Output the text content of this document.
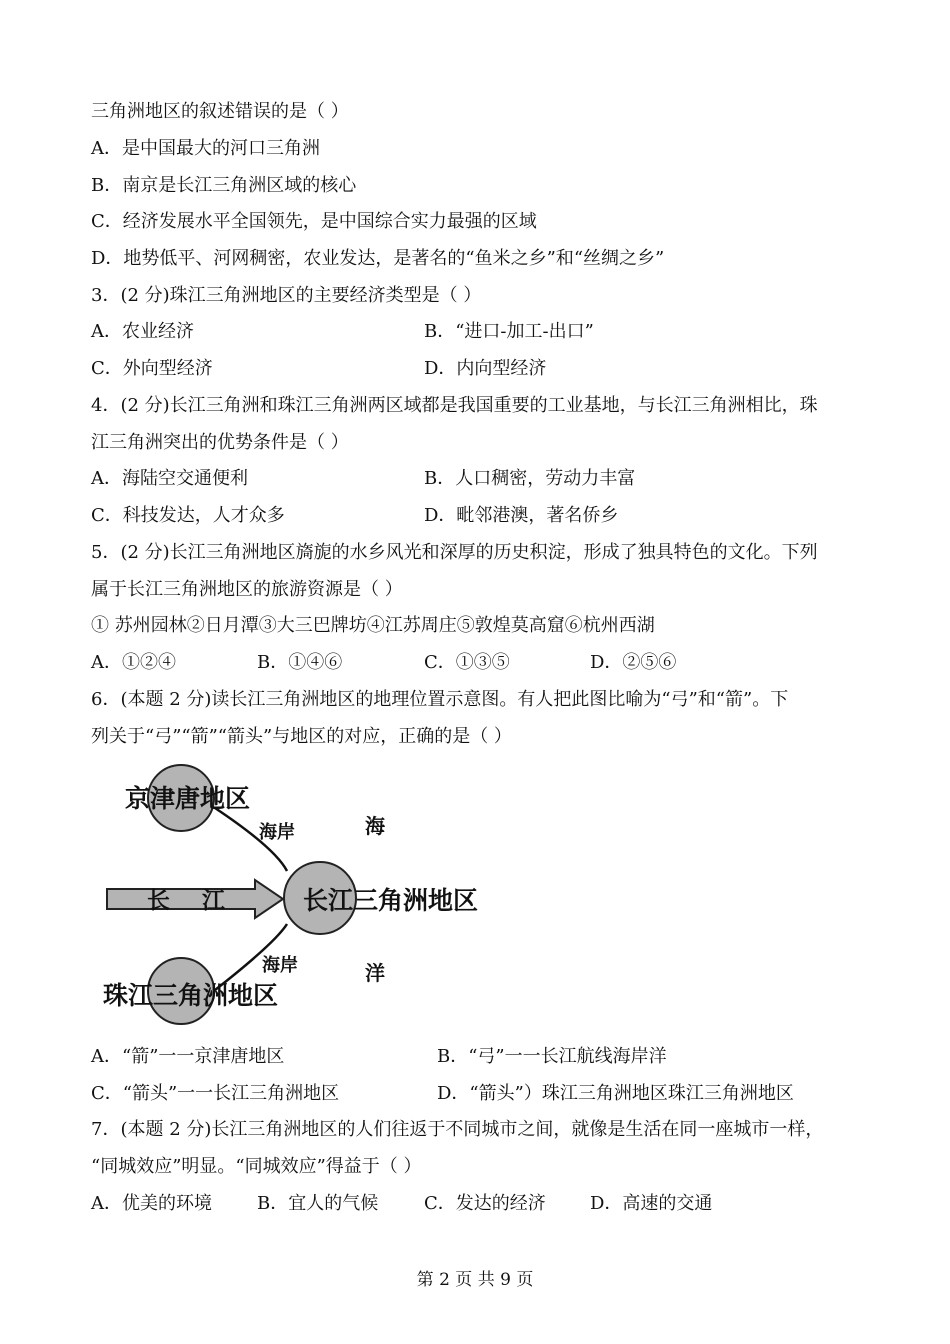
三角洲地区的叙述错误的是（ ）
A．是中国最大的河口三角洲
B．南京是长江三角洲区域的核心
C．经济发展水平全国领先，是中国综合实力最强的区域
D．地势低平、河网稠密，农业发达，是著名的“鱼米之乡”和“丝绸之乡”
3．(2 分)珠江三角洲地区的主要经济类型是（ ）
A．农业经济	B．“进口-加工-出口”
C．外向型经济	D．内向型经济
4．(2 分)长江三角洲和珠江三角洲两区域都是我国重要的工业基地，与长江三角洲相比，珠
江三角洲突出的优势条件是（ ）
A．海陆空交通便利	B．人口稠密，劳动力丰富
C．科技发达，人才众多	D．毗邻港澳，著名侨乡
5．(2 分)长江三角洲地区旖旎的水乡风光和深厚的历史积淀，形成了独具特色的文化。下列
属于长江三角洲地区的旅游资源是（ ）
① 苏州园林②日月潭③大三巴牌坊④江苏周庄⑤敦煌莫高窟⑥杭州西湖
A．①②④	B．①④⑥	C．①③⑤	D．②⑤⑥
6．(本题 2 分)读长江三角洲地区的地理位置示意图。有人把此图比喻为“弓”和“箭”。下
列关于“弓”“箭”“箭头”与地区的对应，正确的是（ ）
京津唐地区
长江三角洲地区
珠江三角洲地区
长    江
海岸
海岸
海
洋
A．“箭”一一京津唐地区	B．“弓”一一长江航线海岸洋
C．“箭头”一一长江三角洲地区	D．“箭头”）珠江三角洲地区珠江三角洲地区
7．(本题 2 分)长江三角洲地区的人们往返于不同城市之间，就像是生活在同一座城市一样，
“同城效应”明显。“同城效应”得益于（ ）
A．优美的环境	B．宜人的气候	C．发达的经济 D．高速的交通
第 2 页 共 9 页
